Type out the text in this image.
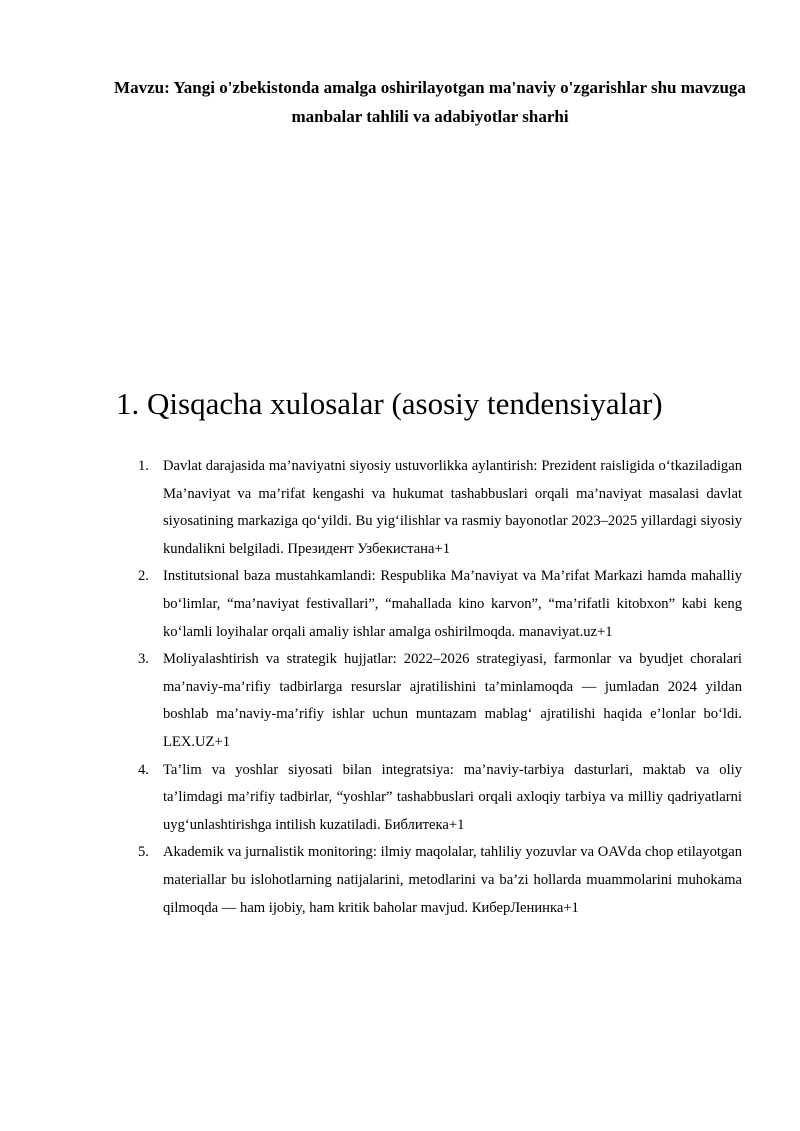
Mavzu: Yangi o'zbekistonda amalga oshirilayotgan ma'naviy o'zgarishlar shu mavzuga manbalar tahlili va adabiyotlar sharhi
1. Qisqacha xulosalar (asosiy tendensiyalar)
1. Davlat darajasida ma’naviyatni siyosiy ustuvorlikka aylantirish: Prezident raisligida o‘tkaziladigan Ma’naviyat va ma’rifat kengashi va hukumat tashabbuslari orqali ma’naviyat masalasi davlat siyosatining markaziga qo‘yildi. Bu yig‘ilishlar va rasmiy bayonotlar 2023–2025 yillardagi siyosiy kundalikni belgiladi. Президент Узбекистана+1
2. Institutsional baza mustahkamlandi: Respublika Ma’naviyat va Ma’rifat Markazi hamda mahalliy bo‘limlar, “ma’naviyat festivallari”, “mahallada kino karvon”, “ma’rifatli kitobxon” kabi keng ko‘lamli loyihalar orqali amaliy ishlar amalga oshirilmoqda. manaviyat.uz+1
3. Moliyalashtirish va strategik hujjatlar: 2022–2026 strategiyasi, farmonlar va byudjet choralari ma’naviy-ma’rifiy tadbirlarga resurslar ajratilishini ta’minlamoqda — jumladan 2024 yildan boshlab ma’naviy-ma’rifiy ishlar uchun muntazam mablag‘ ajratilishi haqida e’lonlar bo‘ldi. LEX.UZ+1
4. Ta’lim va yoshlar siyosati bilan integratsiya: ma’naviy-tarbiya dasturlari, maktab va oliy ta’limdagi ma’rifiy tadbirlar, “yoshlar” tashabbuslari orqali axloqiy tarbiya va milliy qadriyatlarni uyg‘unlashtirishga intilish kuzatiladi. Библитека+1
5. Akademik va jurnalistik monitoring: ilmiy maqolalar, tahliliy yozuvlar va OAVda chop etilayotgan materiallar bu islohotlarning natijalarini, metodlarini va ba’zi hollarda muammolarini muhokama qilmoqda — ham ijobiy, ham kritik baholar mavjud. КиберЛенинка+1
